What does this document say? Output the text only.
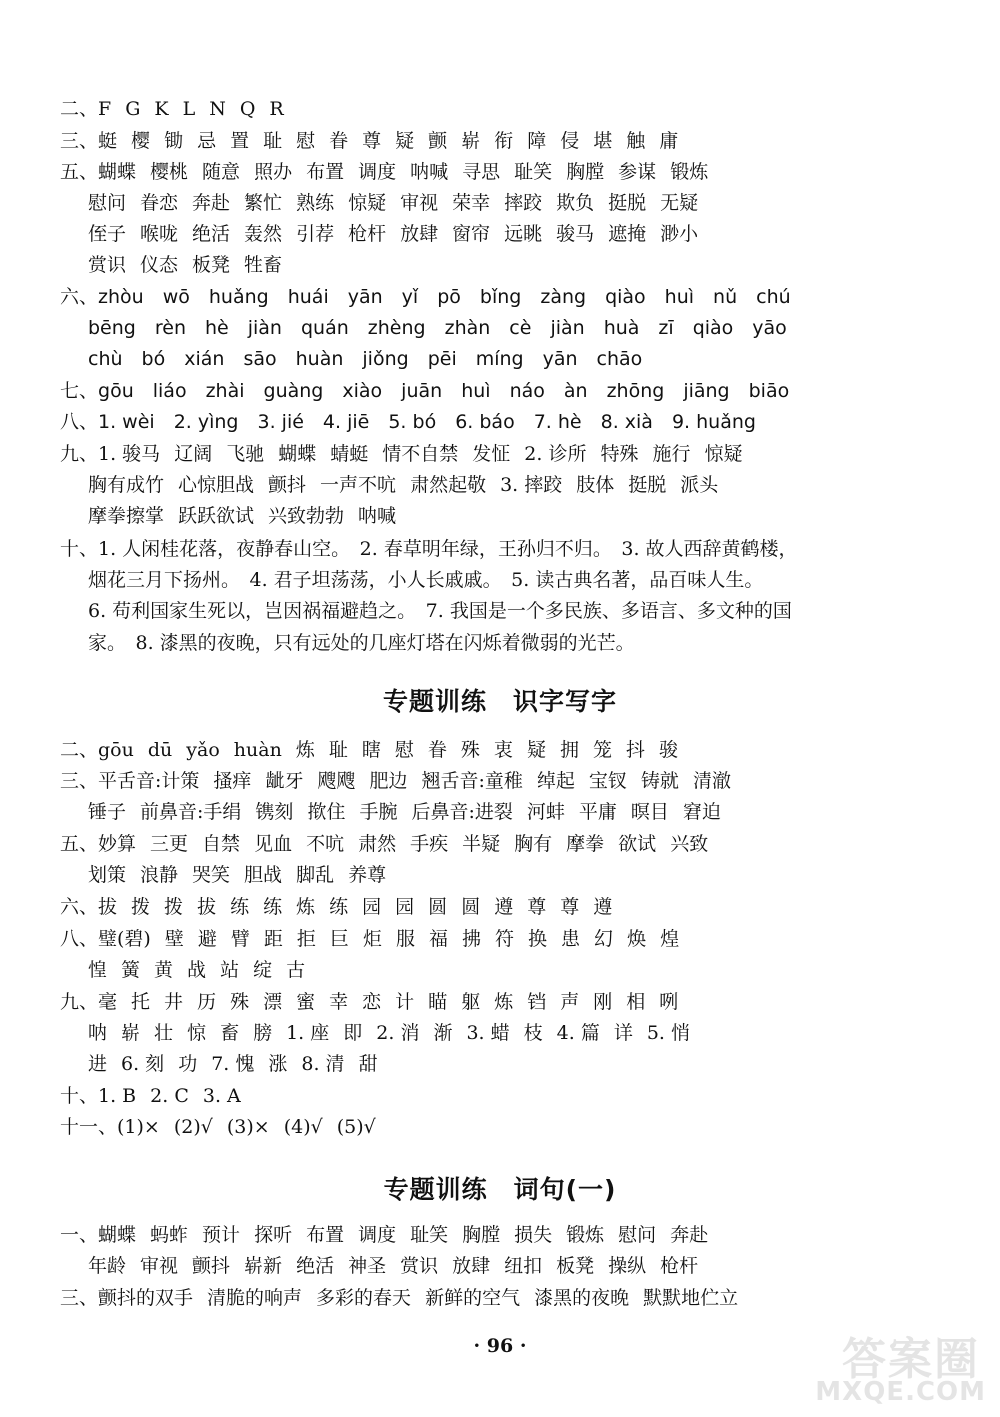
二、F G K L N Q R
三、蜓 樱 锄 忌 置 耻 慰 眷 尊 疑 颤 崭 衔 障 侵 堪 触 庸
五、蝴蝶 樱桃 随意 照办 布置 调度 呐喊 寻思 耻笑 胸膛 参谋 锻炼
慰问 眷恋 奔赴 繁忙 熟练 惊疑 审视 荣幸 摔跤 欺负 挺脱 无疑
侄子 喉咙 绝活 轰然 引荐 枪杆 放肆 窗帘 远眺 骏马 遮掩 渺小
赏识 仪态 板凳 牲畜
六、zhòu wō huǎng huái yān yǐ pō bǐng zàng qiào huì nǔ chú
bēng rèn hè jiàn quán zhèng zhàn cè jiàn huà zī qiào yāo
chù bó xián sāo huàn jiǒng pēi míng yān chāo
七、gōu liáo zhài guàng xiào juān huì náo àn zhōng jiāng biāo
八、1. wèi 2. yìng 3. jié 4. jiē 5. bó 6. báo 7. hè 8. xià 9. huǎng
九、1. 骏马 辽阔 飞驰 蝴蝶 蜻蜓 情不自禁 发怔 2. 诊所 特殊 施行 惊疑
胸有成竹 心惊胆战 颤抖 一声不吭 肃然起敬 3. 摔跤 肢体 挺脱 派头
摩拳擦掌 跃跃欲试 兴致勃勃 呐喊
十、1. 人闲桂花落，夜静春山空。　2. 春草明年绿，王孙归不归。　3. 故人西辞黄鹤楼，
烟花三月下扬州。　4. 君子坦荡荡，小人长戚戚。　5. 读古典名著，品百味人生。
6. 苟利国家生死以，岂因祸福避趋之。　7. 我国是一个多民族、多语言、多文种的国
家。　8. 漆黑的夜晚，只有远处的几座灯塔在闪烁着微弱的光芒。
二、gōu dū yǎo huàn 炼 耻 瞎 慰 眷 殊 衷 疑 拥 笼 抖 骏
三、平舌音:计策 搔痒 龇牙 飕飕 肥边 翘舌音:童稚 绰起 宝钗 铸就 清澈
锤子 前鼻音:手绢 镌刻 揿住 手腕 后鼻音:进裂 河蚌 平庸 暝目 窘迫
五、妙算 三更 自禁 见血 不吭 肃然 手疾 半疑 胸有 摩拳 欲试 兴致
划策 浪静 哭笑 胆战 脚乱 养尊
六、拔 拨 拨 拔 练 练 炼 练 园 园 圆 圆 遵 尊 尊 遵
八、璧(碧) 壁 避 臂 距 拒 巨 炬 服 福 拂 符 换 患 幻 焕 煌
惶 簧 黄 战 站 绽 古
九、毫 托 井 历 殊 漂 蜜 幸 恋 计 瞄 躯 炼 铛 声 刚 相 咧
呐 崭 壮 惊 畜 膀 1. 座 即 2. 消 渐 3. 蜡 枝 4. 篇 详 5. 悄
进 6. 刻 功 7. 愧 涨 8. 清 甜
十、1. B 2. C 3. A
十一、(1)× (2)√ (3)× (4)√ (5)√
一、蝴蝶 蚂蚱 预计 探听 布置 调度 耻笑 胸膛 损失 锻炼 慰问 奔赴
年龄 审视 颤抖 崭新 绝活 神圣 赏识 放肆 纽扣 板凳 操纵 枪杆
三、颤抖的双手 清脆的响声 多彩的春天 新鲜的空气 漆黑的夜晚 默默地伫立
专题训练　识字写字
专题训练　词句(一)
· 96 ·	答案圈
MXQE.COM
